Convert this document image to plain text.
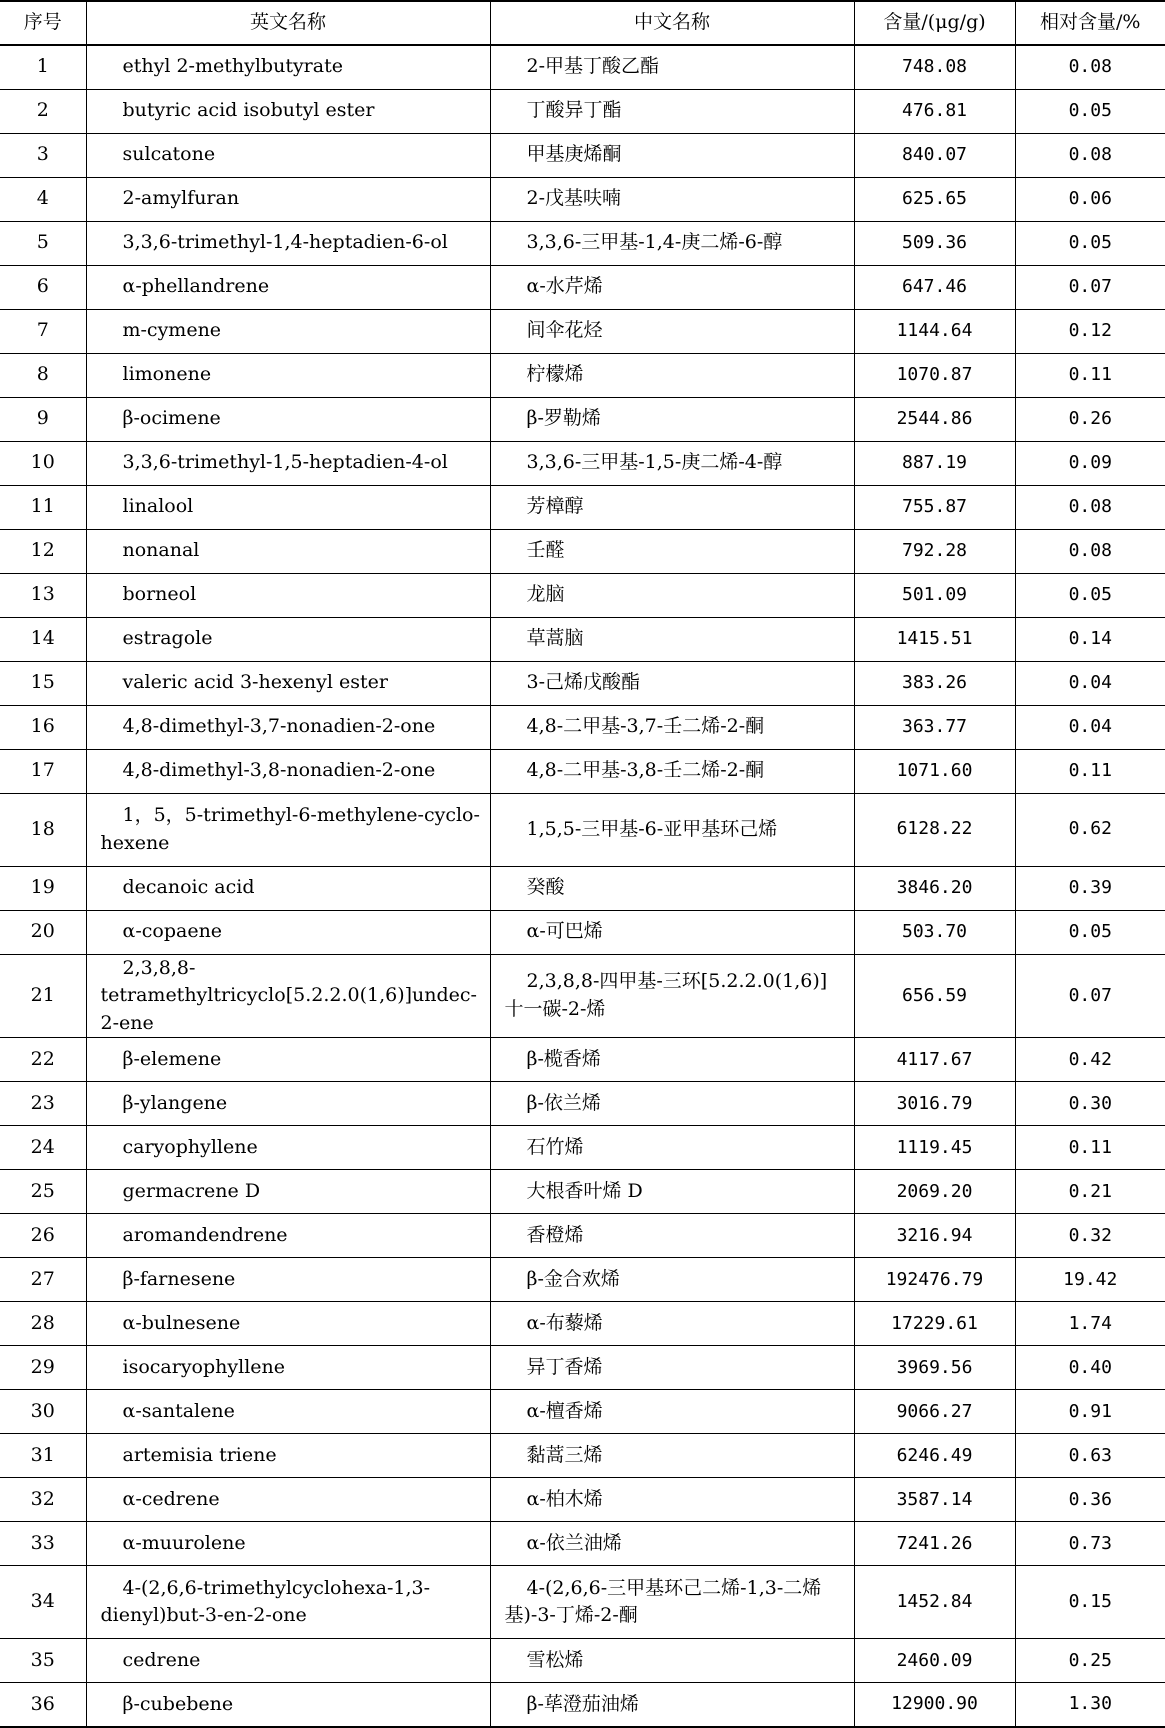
序号	英文名称	中文名称	含量/(μg/g)	相对含量/%
1	ethyl 2-methylbutyrate	2-甲基丁酸乙酯	748.08	0.08
2	butyric acid isobutyl ester	丁酸异丁酯	476.81	0.05
3	sulcatone	甲基庚烯酮	840.07	0.08
4	2-amylfuran	2-戊基呋喃	625.65	0.06
5	3,3,6-trimethyl-1,4-heptadien-6-ol	3,3,6-三甲基-1,4-庚二烯-6-醇	509.36	0.05
6	α-phellandrene	α-水芹烯	647.46	0.07
7	m-cymene	间伞花烃	1144.64	0.12
8	limonene	柠檬烯	1070.87	0.11
9	β-ocimene	β-罗勒烯	2544.86	0.26
10	3,3,6-trimethyl-1,5-heptadien-4-ol	3,3,6-三甲基-1,5-庚二烯-4-醇	887.19	0.09
11	linalool	芳樟醇	755.87	0.08
12	nonanal	壬醛	792.28	0.08
13	borneol	龙脑	501.09	0.05
14	estragole	草蒿脑	1415.51	0.14
15	valeric acid 3-hexenyl ester	3-己烯戊酸酯	383.26	0.04
16	4,8-dimethyl-3,7-nonadien-2-one	4,8-二甲基-3,7-壬二烯-2-酮	363.77	0.04
17	4,8-dimethyl-3,8-nonadien-2-one	4,8-二甲基-3,8-壬二烯-2-酮	1071.60	0.11
18	1，5，5-trimethyl-6-methylene-cyclo-hexene	1,5,5-三甲基-6-亚甲基环己烯	6128.22	0.62
19	decanoic acid	癸酸	3846.20	0.39
20	α-copaene	α-可巴烯	503.70	0.05
21	2,3,8,8-tetramethyltricyclo[5.2.2.0(1,6)]undec-2-ene	2,3,8,8-四甲基-三环[5.2.2.0(1,6)]十一碳-2-烯	656.59	0.07
22	β-elemene	β-榄香烯	4117.67	0.42
23	β-ylangene	β-依兰烯	3016.79	0.30
24	caryophyllene	石竹烯	1119.45	0.11
25	germacrene D	大根香叶烯 D	2069.20	0.21
26	aromandendrene	香橙烯	3216.94	0.32
27	β-farnesene	β-金合欢烯	192476.79	19.42
28	α-bulnesene	α-布藜烯	17229.61	1.74
29	isocaryophyllene	异丁香烯	3969.56	0.40
30	α-santalene	α-檀香烯	9066.27	0.91
31	artemisia triene	黏蒿三烯	6246.49	0.63
32	α-cedrene	α-柏木烯	3587.14	0.36
33	α-muurolene	α-依兰油烯	7241.26	0.73
34	4-(2,6,6-trimethylcyclohexa-1,3-dienyl)but-3-en-2-one	4-(2,6,6-三甲基环己二烯-1,3-二烯基)-3-丁烯-2-酮	1452.84	0.15
35	cedrene	雪松烯	2460.09	0.25
36	β-cubebene	β-荜澄茄油烯	12900.90	1.30
